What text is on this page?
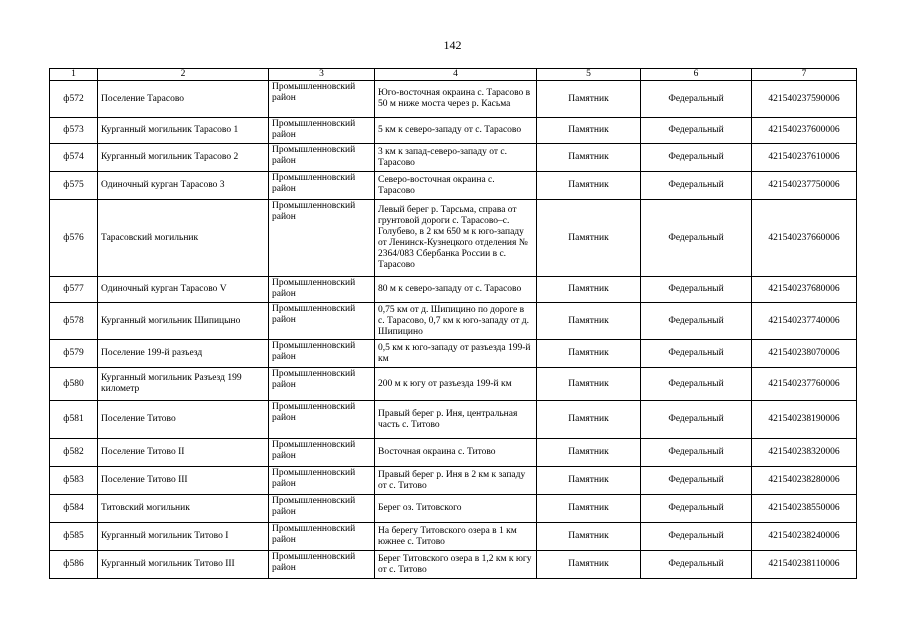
142
1	2	3	4	5	6	7
ф572	Поселение Тарасово	Промышленновский район	Юго-восточная окраина с. Тарасово в 50 м ниже моста через р. Касьма	Памятник	Федеральный	421540237590006
ф573	Курганный могильник Тарасово 1	Промышленновский район	5 км к северо-западу от с. Тарасово	Памятник	Федеральный	421540237600006
ф574	Курганный могильник Тарасово 2	Промышленновский район	3 км к запад-северо-западу от с. Тарасово	Памятник	Федеральный	421540237610006
ф575	Одиночный курган Тарасово 3	Промышленновский район	Северо-восточная окраина с. Тарасово	Памятник	Федеральный	421540237750006
ф576	Тарасовский могильник	Промышленновский район	Левый берег р. Тарсьма, справа от грунтовой дороги с. Тарасово–с. Голубево, в 2 км 650 м к юго-западу от Ленинск-Кузнецкого отделения № 2364/083 Сбербанка России в с. Тарасово	Памятник	Федеральный	421540237660006
ф577	Одиночный курган Тарасово V	Промышленновский район	80 м к северо-западу от с. Тарасово	Памятник	Федеральный	421540237680006
ф578	Курганный могильник Шипицыно	Промышленновский район	0,75 км от д. Шипицино по дороге в с. Тарасово, 0,7 км к юго-западу от д. Шипицино	Памятник	Федеральный	421540237740006
ф579	Поселение 199-й разъезд	Промышленновский район	0,5 км к юго-западу от разъезда 199-й км	Памятник	Федеральный	421540238070006
ф580	Курганный могильник Разъезд 199 километр	Промышленновский район	200 м к югу от разъезда 199-й км	Памятник	Федеральный	421540237760006
ф581	Поселение Титово	Промышленновский район	Правый берег р. Иня, центральная часть с. Титово	Памятник	Федеральный	421540238190006
ф582	Поселение Титово II	Промышленновский район	Восточная окраина с. Титово	Памятник	Федеральный	421540238320006
ф583	Поселение Титово III	Промышленновский район	Правый берег р. Иня в 2 км к западу от с. Титово	Памятник	Федеральный	421540238280006
ф584	Титовский могильник	Промышленновский район	Берег оз. Титовского	Памятник	Федеральный	421540238550006
ф585	Курганный могильник Титово I	Промышленновский район	На берегу Титовского озера в 1 км южнее с. Титово	Памятник	Федеральный	421540238240006
ф586	Курганный могильник Титово III	Промышленновский район	Берег Титовского озера в 1,2 км к югу от с. Титово	Памятник	Федеральный	421540238110006
